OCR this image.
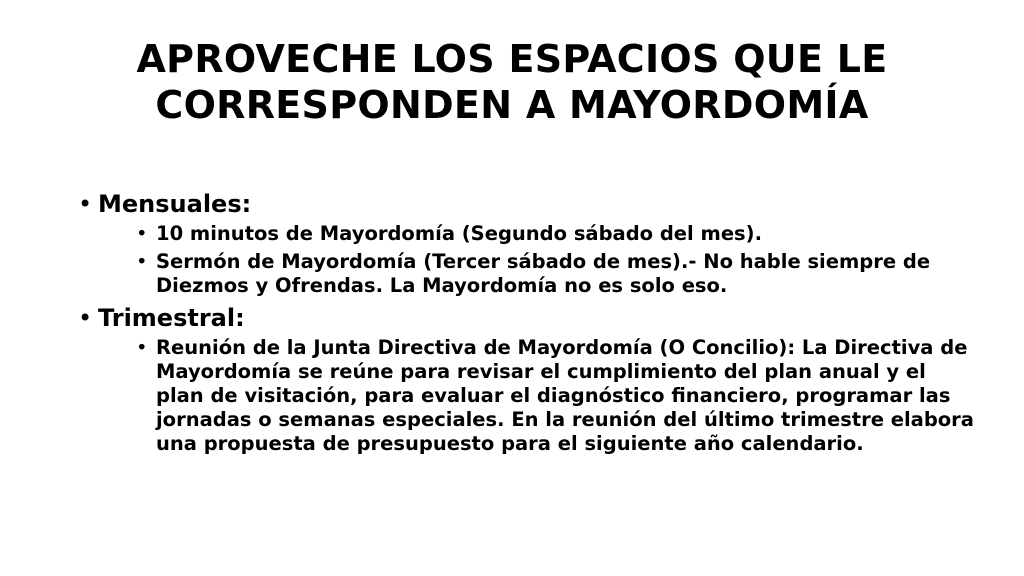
APROVECHE LOS ESPACIOS QUE LE
CORRESPONDEN A MAYORDOMÍA
• Mensuales:
• 10 minutos de Mayordomía (Segundo sábado del mes).
• Sermón de Mayordomía (Tercer sábado de mes).- No hable siempre de Diezmos y Ofrendas. La Mayordomía no es solo eso.
• Trimestral:
• Reunión de la Junta Directiva de Mayordomía (O Concilio): La Directiva de Mayordomía se reúne para revisar el cumplimiento del plan anual y el plan de visitación, para evaluar el diagnóstico financiero, programar las jornadas o semanas especiales. En la reunión del último trimestre elabora una propuesta de presupuesto para el siguiente año calendario.
